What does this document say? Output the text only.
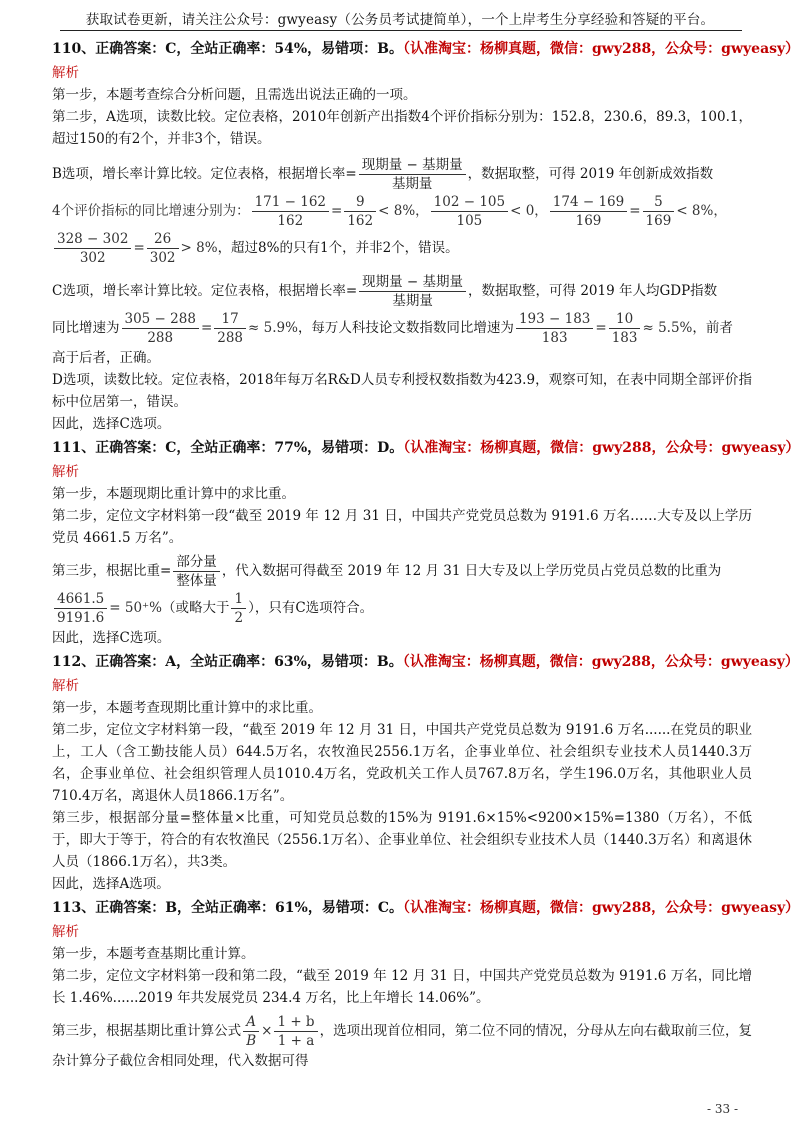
获取试卷更新，请关注公众号：gwyeasy（公务员考试捷简单），一个上岸考生分享经验和答疑的平台。
110、正确答案：C，全站正确率：54%，易错项：B。（认准淘宝：杨柳真题，微信：gwy288，公众号：gwyeasy）
解析
第一步，本题考查综合分析问题，且需选出说法正确的一项。
第二步，A选项，读数比较。定位表格，2010年创新产出指数4个评价指标分别为：152.8，230.6，89.3，100.1，超过150的有2个，并非3个，错误。
B选项，增长率计算比较。定位表格，根据增长率= $\frac{\text{现期量 − 基期量}}{\text{基期量}}$ ，数据取整，可得 2019 年创新成效指数
4个评价指标的同比增速分别为： $\frac{171 - 162}{162} = \frac{9}{162} < 8\%$， $\frac{102 - 105}{105} < 0$， $\frac{174 - 169}{169} = \frac{5}{169} < 8\%$，
$\frac{328 - 302}{302} = \frac{26}{302} > 8\%$，超过8%的只有1个，并非2个，错误。
C选项，增长率计算比较。定位表格，根据增长率= $\frac{\text{现期量 − 基期量}}{\text{基期量}}$ ，数据取整，可得 2019 年人均GDP指数
同比增速为 $\frac{305 - 288}{288} = \frac{17}{288} \approx 5.9\%$，每万人科技论文数指数同比增速为 $\frac{193 - 183}{183} = \frac{10}{183} \approx 5.5\%$，前者
高于后者，正确。
D选项，读数比较。定位表格，2018年每万名R&D人员专利授权数指数为423.9，观察可知，在表中同期全部评价指标中位居第一，错误。
因此，选择C选项。
111、正确答案：C，全站正确率：77%，易错项：D。（认准淘宝：杨柳真题，微信：gwy288，公众号：gwyeasy）
解析
第一步，本题现期比重计算中的求比重。
第二步，定位文字材料第一段“截至 2019 年 12 月 31 日，中国共产党党员总数为 9191.6 万名……大专及以上学历党员 4661.5 万名”。
第三步，根据比重= $\frac{\text{部分量}}{\text{整体量}}$ ，代入数据可得截至 2019 年 12 月 31 日大专及以上学历党员占党员总数的比重为
$\frac{4661.5}{9191.6} = 50^+\%$（或略大于 $\frac{1}{2}$ ），只有C选项符合。
因此，选择C选项。
112、正确答案：A，全站正确率：63%，易错项：B。（认准淘宝：杨柳真题，微信：gwy288，公众号：gwyeasy）
解析
第一步，本题考查现期比重计算中的求比重。
第二步，定位文字材料第一段，“截至 2019 年 12 月 31 日，中国共产党党员总数为 9191.6 万名......在党员的职业上，工人（含工勤技能人员）644.5万名，农牧渔民2556.1万名，企事业单位、社会组织专业技术人员1440.3万名，企事业单位、社会组织管理人员1010.4万名，党政机关工作人员767.8万名，学生196.0万名，其他职业人员710.4万名，离退休人员1866.1万名”。
第三步，根据部分量=整体量×比重，可知党员总数的15%为 9191.6×15%<9200×15%=1380（万名），不低于，即大于等于，符合的有农牧渔民（2556.1万名）、企事业单位、社会组织专业技术人员（1440.3万名）和离退休人员（1866.1万名），共3类。
因此，选择A选项。
113、正确答案：B，全站正确率：61%，易错项：C。（认准淘宝：杨柳真题，微信：gwy288，公众号：gwyeasy）
解析
第一步，本题考查基期比重计算。
第二步，定位文字材料第一段和第二段，“截至 2019 年 12 月 31 日，中国共产党党员总数为 9191.6 万名，同比增长 1.46%......2019 年共发展党员 234.4 万名，比上年增长 14.06%”。
第三步，根据基期比重计算公式 $\frac{A}{B} \times \frac{1 + b}{1 + a}$ ，选项出现首位相同，第二位不同的情况，分母从左向右截取前三位，复杂计算分子截位舍相同处理，代入数据可得
- 33 -
